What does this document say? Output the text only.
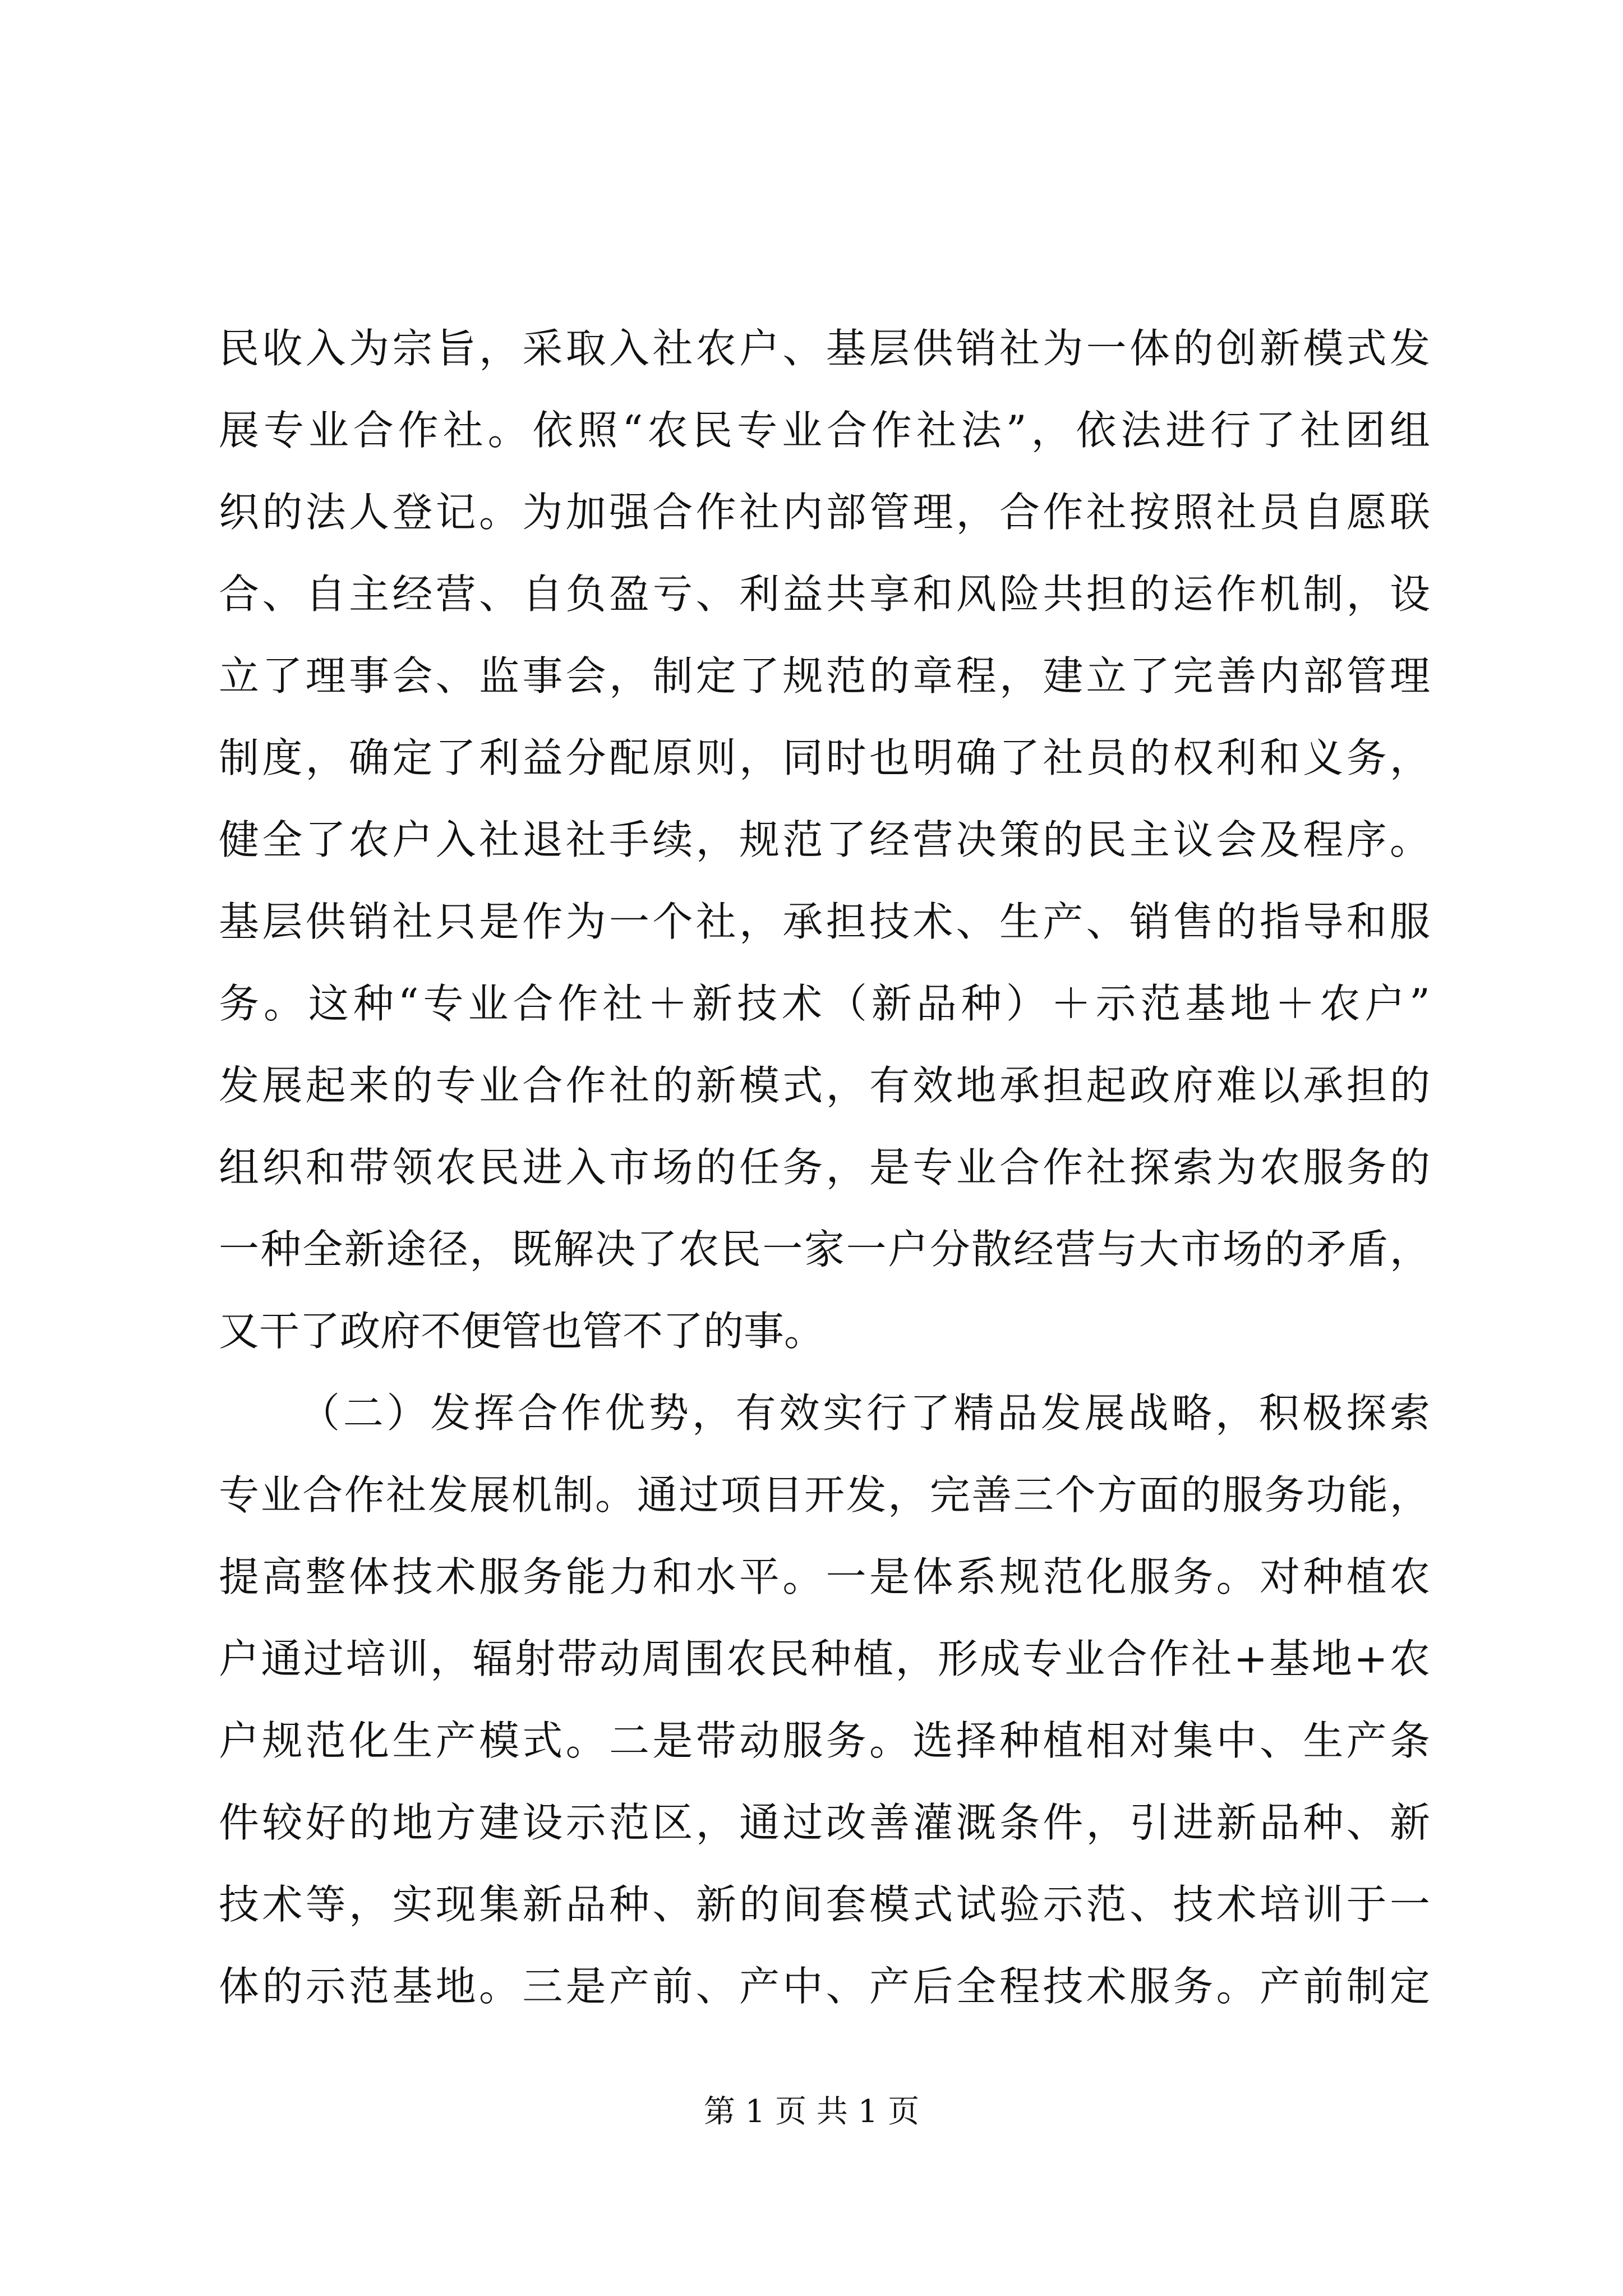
民收入为宗旨，采取入社农户、基层供销社为一体的创新模式发
展专业合作社。依照“农民专业合作社法”，依法进行了社团组
织的法人登记。为加强合作社内部管理，合作社按照社员自愿联
合、自主经营、自负盈亏、利益共享和风险共担的运作机制，设
立了理事会、监事会，制定了规范的章程，建立了完善内部管理
制度，确定了利益分配原则，同时也明确了社员的权利和义务，
健全了农户入社退社手续，规范了经营决策的民主议会及程序。
基层供销社只是作为一个社，承担技术、生产、销售的指导和服
务。这种“专业合作社＋新技术（新品种）＋示范基地＋农户”
发展起来的专业合作社的新模式，有效地承担起政府难以承担的
组织和带领农民进入市场的任务，是专业合作社探索为农服务的
一种全新途径，既解决了农民一家一户分散经营与大市场的矛盾，
又干了政府不便管也管不了的事。
（二）发挥合作优势，有效实行了精品发展战略，积极探索
专业合作社发展机制。通过项目开发，完善三个方面的服务功能，
提高整体技术服务能力和水平。一是体系规范化服务。对种植农
户通过培训，辐射带动周围农民种植，形成专业合作社+基地+农
户规范化生产模式。二是带动服务。选择种植相对集中、生产条
件较好的地方建设示范区，通过改善灌溉条件，引进新品种、新
技术等，实现集新品种、新的间套模式试验示范、技术培训于一
体的示范基地。三是产前、产中、产后全程技术服务。产前制定
第 1 页 共 1 页
